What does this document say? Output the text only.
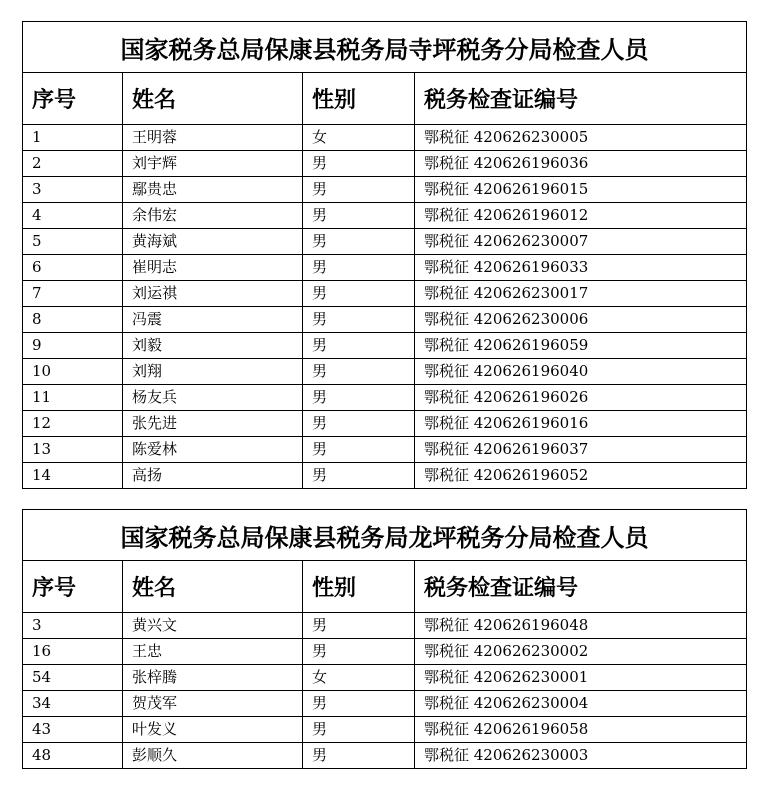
国家税务总局保康县税务局寺坪税务分局检查人员			
序号	姓名	性别	税务检查证编号
1	王明蓉	女	鄂税征 420626230005
2	刘宇辉	男	鄂税征 420626196036
3	鄢贵忠	男	鄂税征 420626196015
4	余伟宏	男	鄂税征 420626196012
5	黄海斌	男	鄂税征 420626230007
6	崔明志	男	鄂税征 420626196033
7	刘运祺	男	鄂税征 420626230017
8	冯震	男	鄂税征 420626230006
9	刘毅	男	鄂税征 420626196059
10	刘翔	男	鄂税征 420626196040
11	杨友兵	男	鄂税征 420626196026
12	张先进	男	鄂税征 420626196016
13	陈爱林	男	鄂税征 420626196037
14	高扬	男	鄂税征 420626196052
国家税务总局保康县税务局龙坪税务分局检查人员			
序号	姓名	性别	税务检查证编号
3	黄兴文	男	鄂税征 420626196048
16	王忠	男	鄂税征 420626230002
54	张梓腾	女	鄂税征 420626230001
34	贺茂军	男	鄂税征 420626230004
43	叶发义	男	鄂税征 420626196058
48	彭顺久	男	鄂税征 420626230003
